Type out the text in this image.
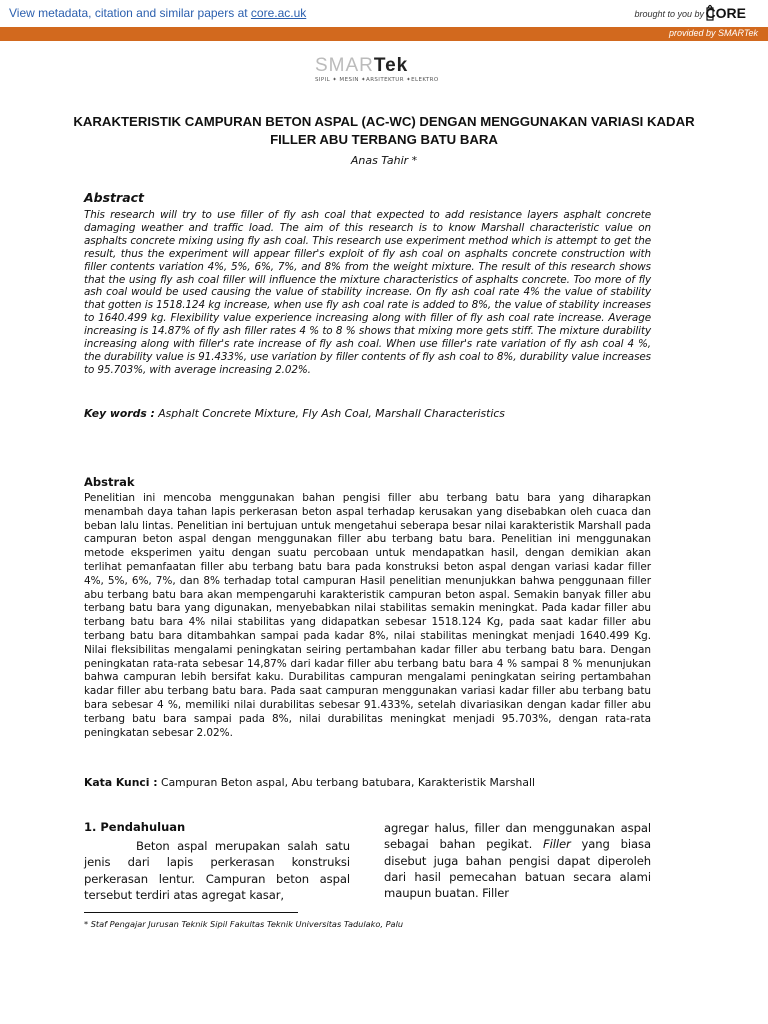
View metadata, citation and similar papers at core.ac.uk	brought to you by CORE
provided by SMARTek
SMARTek
SIPIL ✦ MESIN ✦ARSITEKTUR ✦ELEKTRO
KARAKTERISTIK CAMPURAN BETON ASPAL (AC-WC) DENGAN MENGGUNAKAN VARIASI KADAR FILLER ABU TERBANG BATU BARA
Anas Tahir *
Abstract
This research will try to use filler of fly ash coal that expected to add resistance layers asphalt concrete damaging weather and traffic load. The aim of this research is to know Marshall characteristic value on asphalts concrete mixing using fly ash coal. This research use experiment method which is attempt to get the result, thus the experiment will appear filler's exploit of fly ash coal on asphalts concrete construction with filler contents variation 4%, 5%, 6%, 7%, and 8% from the weight mixture. The result of this research shows that the using fly ash coal filler will influence the mixture characteristics of asphalts concrete. Too more of fly ash coal would be used causing the value of stability increase. On fly ash coal rate 4% the value of stability that gotten is 1518.124 kg increase, when use fly ash coal rate is added to 8%, the value of stability increases to 1640.499 kg. Flexibility value experience increasing along with filler of fly ash coal rate increase. Average increasing is 14.87% of fly ash filler rates 4 % to 8 % shows that mixing more gets stiff. The mixture durability increasing along with filler's rate increase of fly ash coal. When use filler's rate variation of fly ash coal 4 %, the durability value is 91.433%, use variation by filler contents of fly ash coal to 8%, durability value increases to 95.703%, with average increasing 2.02%.
Key words : Asphalt Concrete Mixture, Fly Ash Coal, Marshall Characteristics
Abstrak
Penelitian ini mencoba menggunakan bahan pengisi filler abu terbang batu bara yang diharapkan menambah daya tahan lapis perkerasan beton aspal terhadap kerusakan yang disebabkan oleh cuaca dan beban lalu lintas. Penelitian ini bertujuan untuk mengetahui seberapa besar nilai karakteristik Marshall pada campuran beton aspal dengan menggunakan filler abu terbang batu bara. Penelitian ini menggunakan metode eksperimen yaitu dengan suatu percobaan untuk mendapatkan hasil, dengan demikian akan terlihat pemanfaatan filler abu terbang batu bara pada konstruksi beton aspal dengan variasi kadar filler 4%, 5%, 6%, 7%, dan 8% terhadap total campuran Hasil penelitian menunjukkan bahwa penggunaan filler abu terbang batu bara akan mempengaruhi karakteristik campuran beton aspal. Semakin banyak filler abu terbang batu bara yang digunakan, menyebabkan nilai stabilitas semakin meningkat. Pada kadar filler abu terbang batu bara 4% nilai stabilitas yang didapatkan sebesar 1518.124 Kg, pada saat kadar filler abu terbang batu bara ditambahkan sampai pada kadar 8%, nilai stabilitas meningkat menjadi 1640.499 Kg. Nilai fleksibilitas mengalami peningkatan seiring pertambahan kadar filler abu terbang batu bara. Dengan peningkatan rata-rata sebesar 14,87% dari kadar filler abu terbang batu bara 4 % sampai 8 % menunjukan bahwa campuran lebih bersifat kaku. Durabilitas campuran mengalami peningkatan seiring pertambahan kadar filler abu terbang batu bara. Pada saat campuran menggunakan variasi kadar filler abu terbang batu bara sebesar 4 %, memiliki nilai durabilitas sebesar 91.433%, setelah divariasikan dengan kadar filler abu terbang batu bara sampai pada 8%, nilai durabilitas meningkat menjadi 95.703%, dengan rata-rata peningkatan sebesar 2.02%.
Kata Kunci : Campuran Beton aspal, Abu terbang batubara, Karakteristik Marshall
1. Pendahuluan

Beton aspal merupakan salah satu jenis dari lapis perkerasan konstruksi perkerasan lentur. Campuran beton aspal tersebut terdiri atas agregat kasar,

agregar halus, filler dan menggunakan aspal sebagai bahan pegikat. Filler yang biasa disebut juga bahan pengisi dapat diperoleh dari hasil pemecahan batuan secara alami maupun buatan. Filler

* Staf Pengajar Jurusan Teknik Sipil Fakultas Teknik Universitas Tadulako, Palu
